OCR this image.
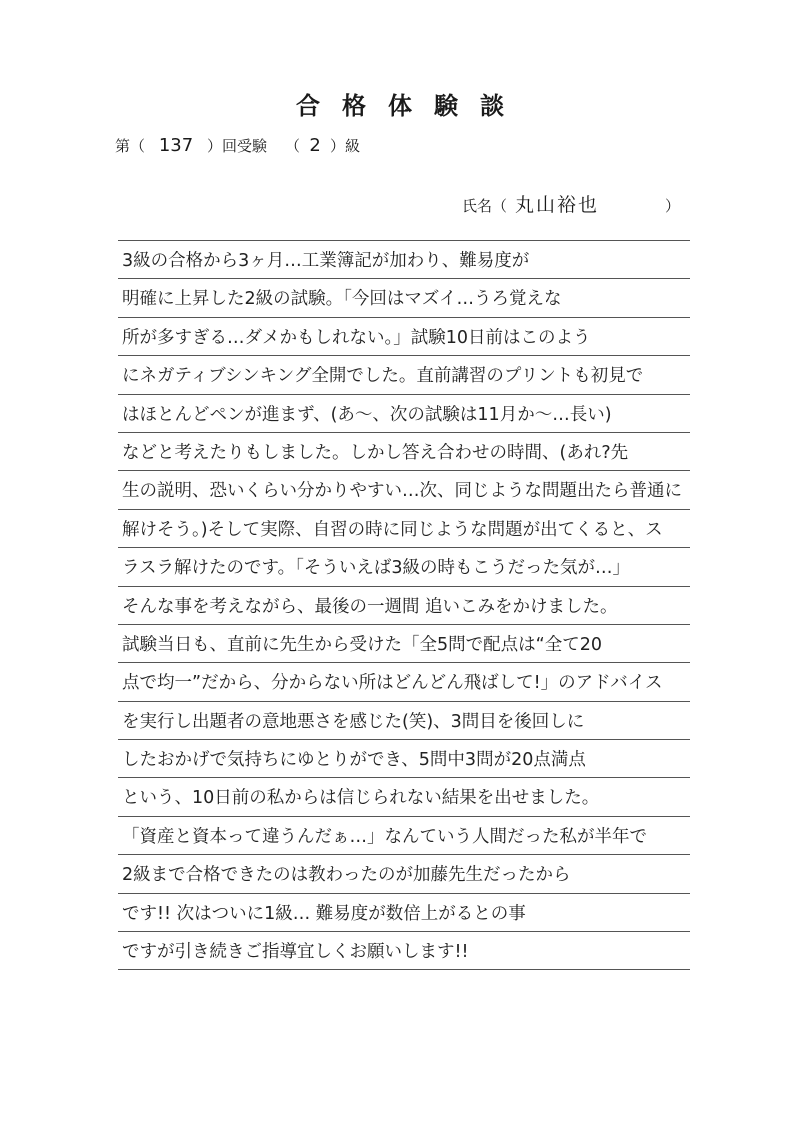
合格体験談
第（ 137 ）回受験 （ 2 ）級
氏名（ 丸山裕也	）
3級の合格から3ヶ月…工業簿記が加わり、難易度が
明確に上昇した2級の試験。「今回はマズイ…うろ覚えな
所が多すぎる…ダメかもしれない。」試験10日前はこのよう
にネガティブシンキング全開でした。直前講習のプリントも初見で
はほとんどペンが進まず、(あ〜、次の試験は11月か〜…長い)
などと考えたりもしました。しかし答え合わせの時間、(あれ?先
生の説明、恐いくらい分かりやすい…次、同じような問題出たら普通に
解けそう。)そして実際、自習の時に同じような問題が出てくると、ス
ラスラ解けたのです。「そういえば3級の時もこうだった気が…」
そんな事を考えながら、最後の一週間 追いこみをかけました。
試験当日も、直前に先生から受けた「全5問で配点は“全て20
点で均一”だから、分からない所はどんどん飛ばして!」のアドバイス
を実行し出題者の意地悪さを感じた(笑)、3問目を後回しに
したおかげで気持ちにゆとりができ、5問中3問が20点満点
という、10日前の私からは信じられない結果を出せました。
「資産と資本って違うんだぁ…」なんていう人間だった私が半年で
2級まで合格できたのは教わったのが加藤先生だったから
です!! 次はついに1級… 難易度が数倍上がるとの事
ですが引き続きご指導宜しくお願いします!!
